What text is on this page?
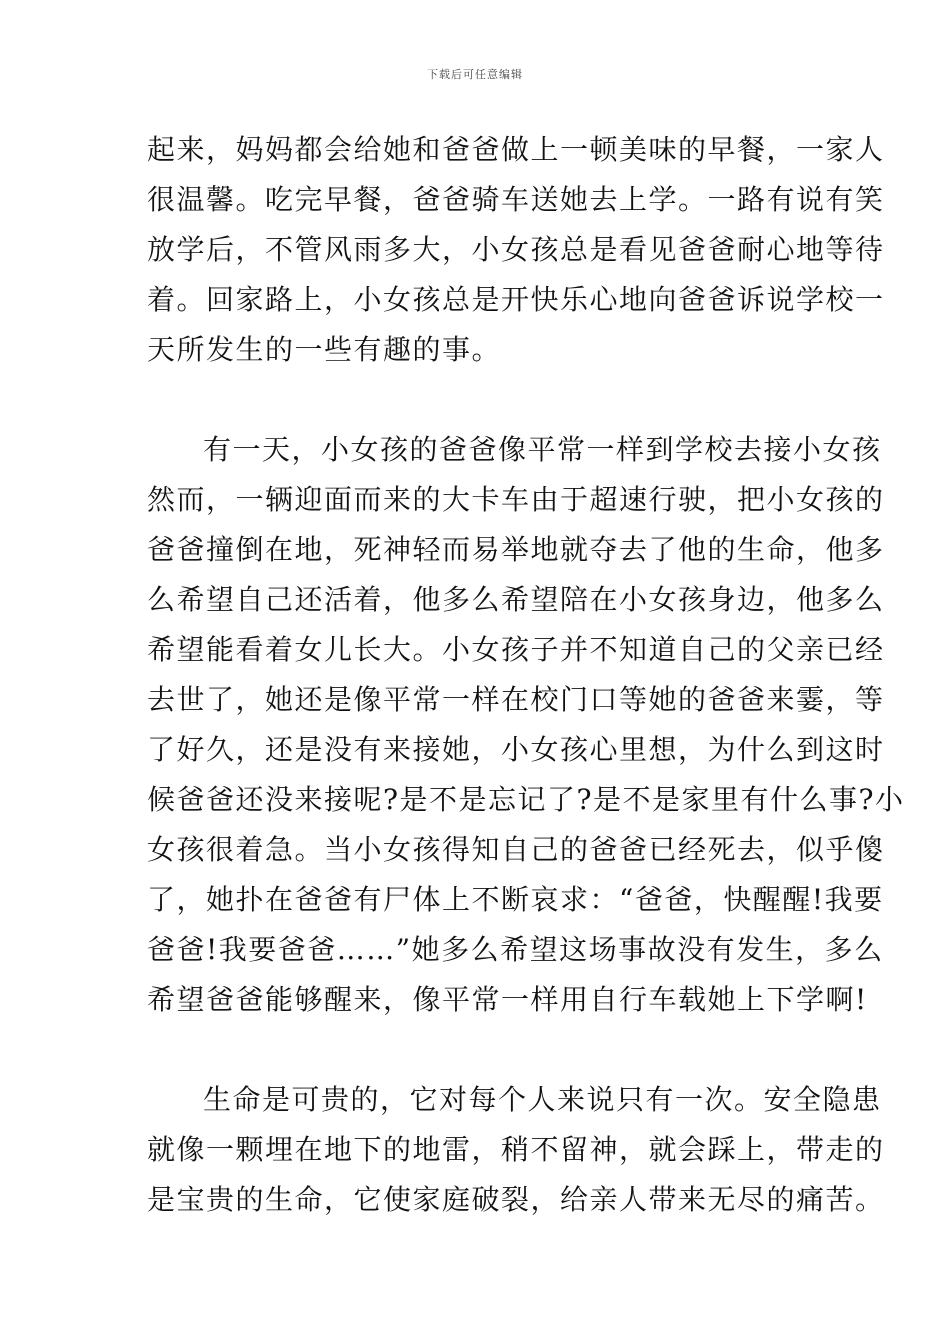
下载后可任意编辑
起来，妈妈都会给她和爸爸做上一顿美味的早餐，一家人
很温馨。吃完早餐，爸爸骑车送她去上学。一路有说有笑
放学后，不管风雨多大，小女孩总是看见爸爸耐心地等待
着。回家路上，小女孩总是开快乐心地向爸爸诉说学校一
天所发生的一些有趣的事。
有一天，小女孩的爸爸像平常一样到学校去接小女孩
然而，一辆迎面而来的大卡车由于超速行驶，把小女孩的
爸爸撞倒在地，死神轻而易举地就夺去了他的生命，他多
么希望自己还活着，他多么希望陪在小女孩身边，他多么
希望能看着女儿长大。小女孩子并不知道自己的父亲已经
去世了，她还是像平常一样在校门口等她的爸爸来霎，等
了好久，还是没有来接她，小女孩心里想，为什么到这时
候爸爸还没来接呢?是不是忘记了?是不是家里有什么事?小
女孩很着急。当小女孩得知自己的爸爸已经死去，似乎傻
了，她扑在爸爸有尸体上不断哀求：“爸爸，快醒醒!我要
爸爸!我要爸爸……”她多么希望这场事故没有发生，多么
希望爸爸能够醒来，像平常一样用自行车载她上下学啊!
生命是可贵的，它对每个人来说只有一次。安全隐患
就像一颗埋在地下的地雷，稍不留神，就会踩上，带走的
是宝贵的生命，它使家庭破裂，给亲人带来无尽的痛苦。
